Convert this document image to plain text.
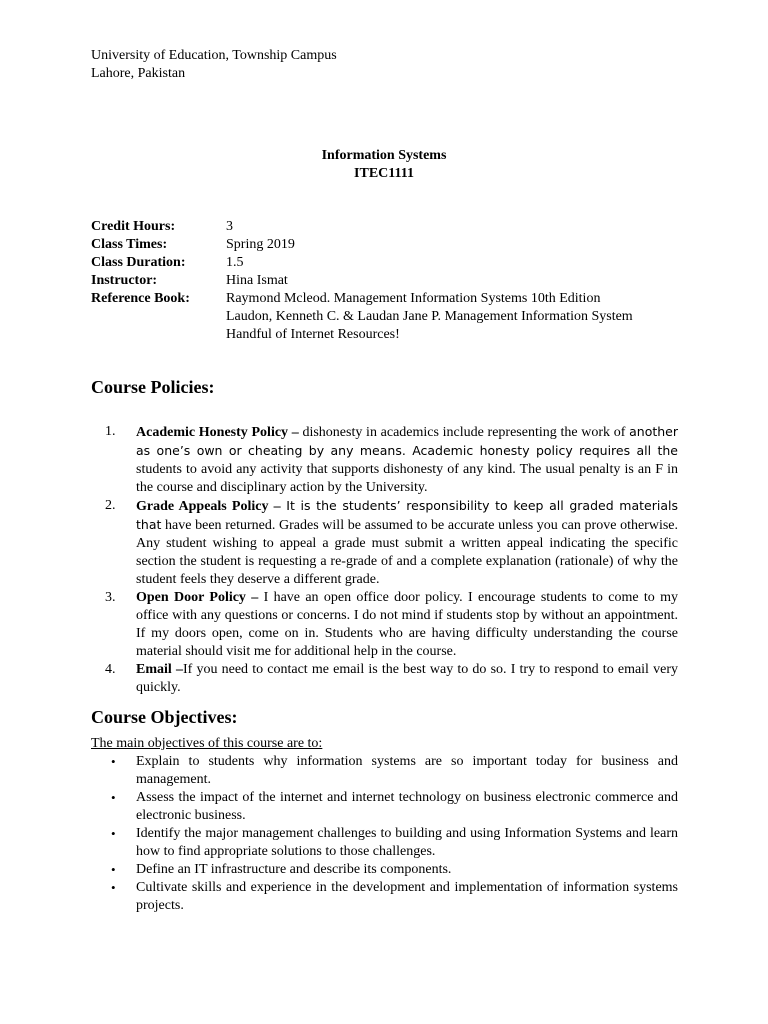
University of Education, Township Campus
Lahore, Pakistan
Information Systems
ITEC1111
Credit Hours:	3
Class Times:	Spring 2019
Class Duration:	1.5
Instructor:	Hina Ismat
Reference Book:	Raymond Mcleod. Management Information Systems 10th Edition
Laudon, Kenneth C. & Laudan Jane P. Management Information System
Handful of Internet Resources!
Course Policies:
1. Academic Honesty Policy – dishonesty in academics include representing the work of another as one’s own or cheating by any means. Academic honesty policy requires all the students to avoid any activity that supports dishonesty of any kind. The usual penalty is an F in the course and disciplinary action by the University.
2. Grade Appeals Policy – It is the students’ responsibility to keep all graded materials that have been returned. Grades will be assumed to be accurate unless you can prove otherwise. Any student wishing to appeal a grade must submit a written appeal indicating the specific section the student is requesting a re-grade of and a complete explanation (rationale) of why the student feels they deserve a different grade.
3. Open Door Policy – I have an open office door policy. I encourage students to come to my office with any questions or concerns. I do not mind if students stop by without an appointment. If my doors open, come on in. Students who are having difficulty understanding the course material should visit me for additional help in the course.
4. Email –If you need to contact me email is the best way to do so. I try to respond to email very quickly.
Course Objectives:
The main objectives of this course are to:
• Explain to students why information systems are so important today for business and management.
• Assess the impact of the internet and internet technology on business electronic commerce and electronic business.
• Identify the major management challenges to building and using Information Systems and learn how to find appropriate solutions to those challenges.
• Define an IT infrastructure and describe its components.
• Cultivate skills and experience in the development and implementation of information systems projects.
